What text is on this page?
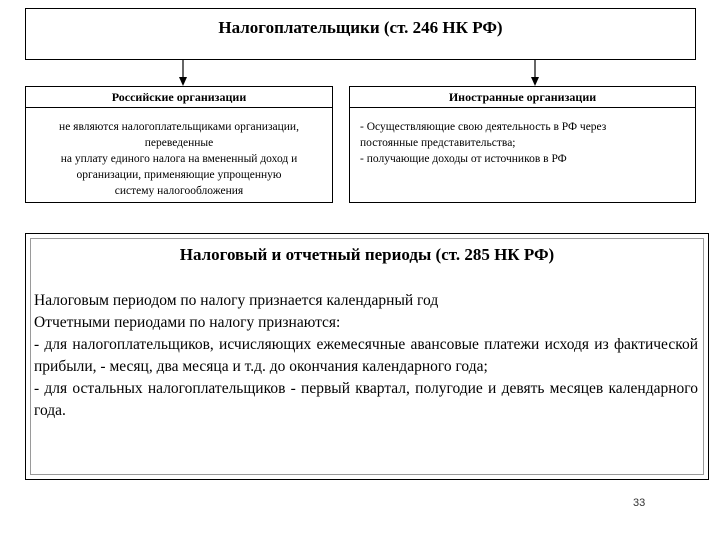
Налогоплательщики (ст. 246 НК РФ)
Российские организации
не являются налогоплательщиками организации,
переведенные
на уплату единого налога на вмененный доход и
организации, применяющие упрощенную
систему налогообложения
Иностранные организации
- Осуществляющие свою деятельность в РФ через
постоянные представительства;
- получающие доходы от источников в РФ
Налоговый и отчетный периоды (ст. 285 НК РФ)

Налоговым периодом по налогу признается календарный год

Отчетными периодами по налогу признаются:

- для налогоплательщиков, исчисляющих ежемесячные авансовые платежи исходя из фактической прибыли, - месяц, два месяца и т.д. до окончания календарного года;

- для остальных налогоплательщиков - первый квартал, полугодие и девять месяцев календарного года.

33
